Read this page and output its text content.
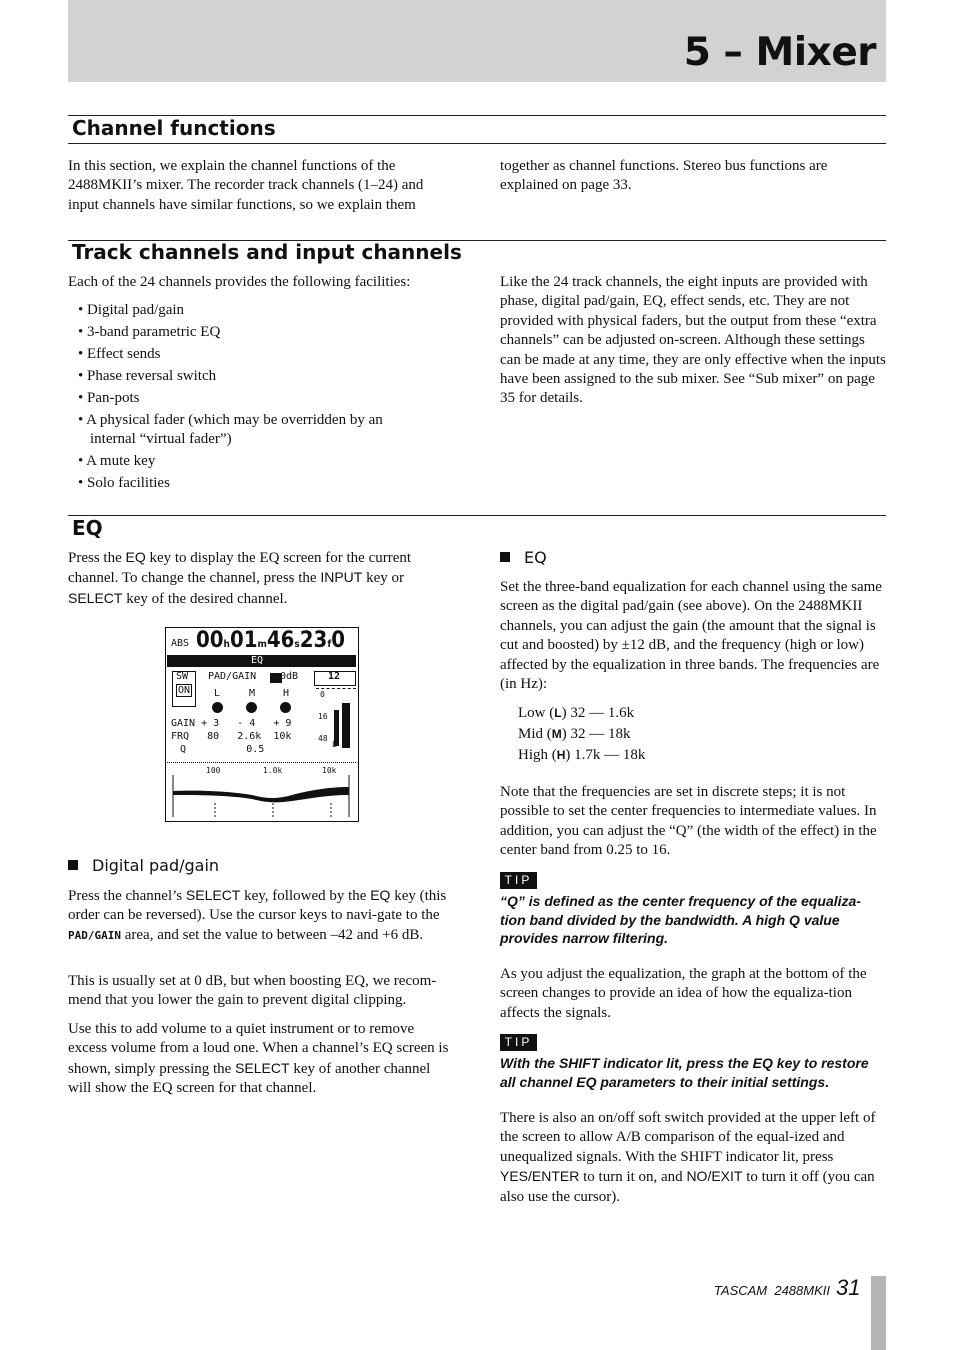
5 – Mixer
Channel functions

In this section, we explain the channel functions of the 2488MKII’s mixer. The recorder track channels (1–24) and input channels have similar functions, so we explain them

together as channel functions. Stereo bus functions are explained on page 33.

Track channels and input channels

Each of the 24 channels provides the following facilities:

• Digital pad/gain
• 3-band parametric EQ
• Effect sends
• Phase reversal switch
• Pan-pots
• A physical fader (which may be overridden by an internal “virtual fader”)
• A mute key
• Solo facilities

Like the 24 track channels, the eight inputs are provided with phase, digital pad/gain, EQ, effect sends, etc. They are not provided with physical faders, but the output from these “extra channels” can be adjusted on-screen. Although these settings can be made at any time, they are only effective when the inputs have been assigned to the sub mixer. See “Sub mixer” on page 35 for details.

EQ

Press the EQ key to display the EQ screen for the current channel. To change the channel, press the INPUT key or SELECT key of the desired channel.

ABS 00h01m46s23f0
EQ
SW
ON
PAD/GAIN 0dB	12
L	M	H
GAIN + 3   - 4   + 9
FRQ   80   2.6k  10k
Q          0.5
0
16
48
L R
100	1.0k	10k
Digital pad/gain

Press the channel’s SELECT key, followed by the EQ key (this order can be reversed). Use the cursor keys to navi-gate to the PAD/GAIN area, and set the value to between –42 and +6 dB.

This is usually set at 0 dB, but when boosting EQ, we recom-mend that you lower the gain to prevent digital clipping.

Use this to add volume to a quiet instrument or to remove excess volume from a loud one. When a channel’s EQ screen is shown, simply pressing the SELECT key of another channel will show the EQ screen for that channel.

EQ

Set the three-band equalization for each channel using the same screen as the digital pad/gain (see above). On the 2488MKII channels, you can adjust the gain (the amount that the signal is cut and boosted) by ±12 dB, and the frequency (high or low) affected by the equalization in three bands. The frequencies are (in Hz):

Low (L) 32 — 1.6k
Mid (M) 32 — 18k
High (H) 1.7k — 18k

Note that the frequencies are set in discrete steps; it is not possible to set the center frequencies to intermediate values. In addition, you can adjust the “Q” (the width of the effect) in the center band from 0.25 to 16.

TIP

“Q” is defined as the center frequency of the equaliza-tion band divided by the bandwidth. A high Q value provides narrow filtering.

As you adjust the equalization, the graph at the bottom of the screen changes to provide an idea of how the equaliza-tion affects the signals.

TIP

With the SHIFT indicator lit, press the EQ key to restore all channel EQ parameters to their initial settings.

There is also an on/off soft switch provided at the upper left of the screen to allow A/B comparison of the equal-ized and unequalized signals. With the SHIFT indicator lit, press YES/ENTER to turn it on, and NO/EXIT to turn it off (you can also use the cursor).

TASCAM  2488MKII 31
